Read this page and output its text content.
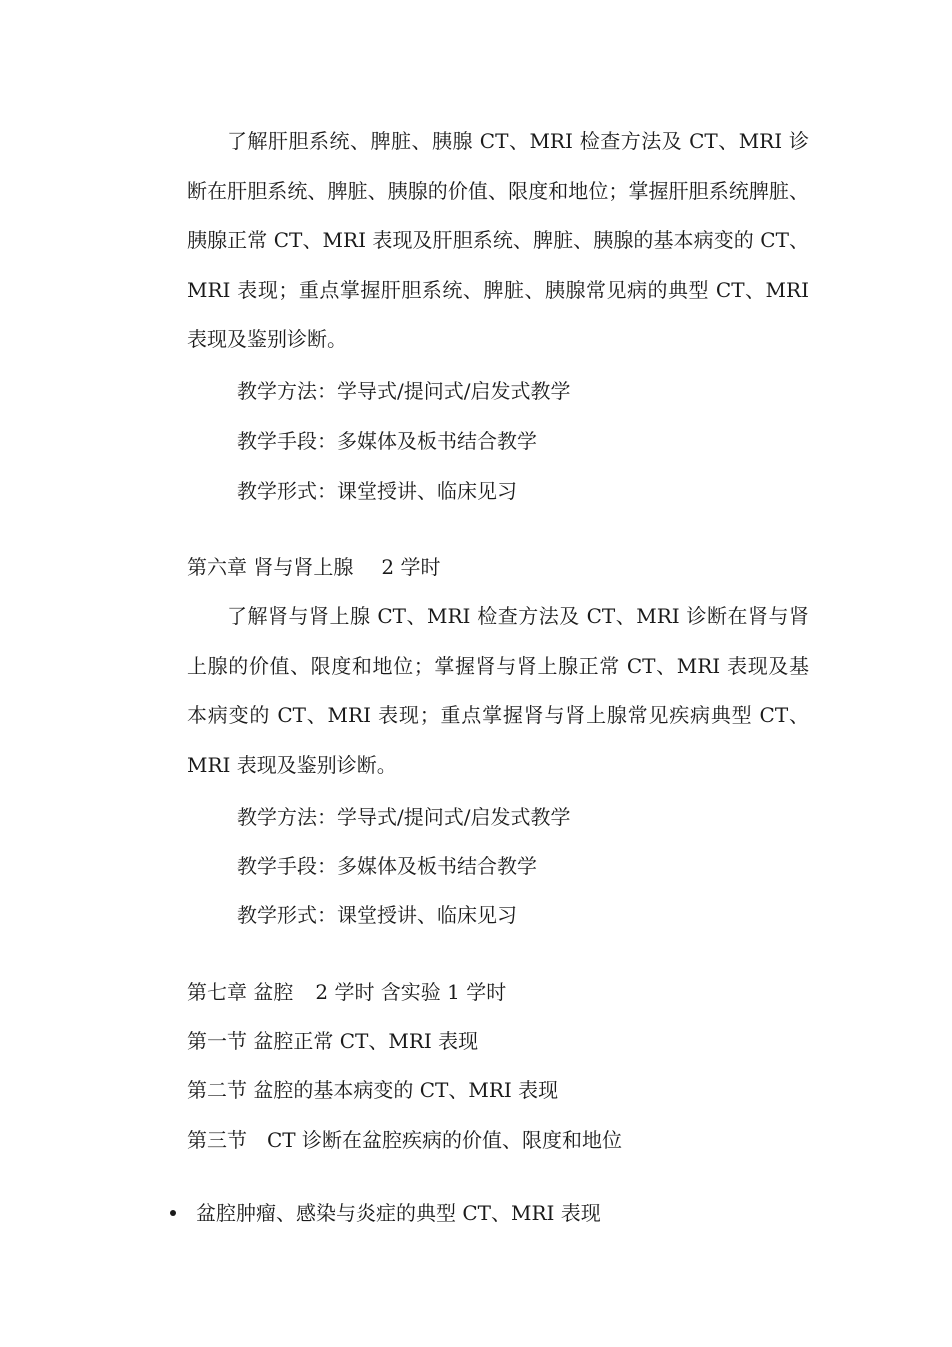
了解肝胆系统、脾脏、胰腺 CT、MRI 检查方法及 CT、MRI 诊断在肝胆系统、脾脏、胰腺的价值、限度和地位；掌握肝胆系统脾脏、胰腺正常 CT、MRI 表现及肝胆系统、脾脏、胰腺的基本病变的 CT、MRI 表现；重点掌握肝胆系统、脾脏、胰腺常见病的典型 CT、MRI 表现及鉴别诊断。

教学方法：学导式/提问式/启发式教学

教学手段：多媒体及板书结合教学

教学形式：课堂授讲、临床见习

第六章 肾与肾上腺 2 学时

了解肾与肾上腺 CT、MRI 检查方法及 CT、MRI 诊断在肾与肾上腺的价值、限度和地位；掌握肾与肾上腺正常 CT、MRI 表现及基本病变的 CT、MRI 表现；重点掌握肾与肾上腺常见疾病典型 CT、MRI 表现及鉴别诊断。

教学方法：学导式/提问式/启发式教学

教学手段：多媒体及板书结合教学

教学形式：课堂授讲、临床见习

第七章 盆腔 2 学时 含实验 1 学时

第一节 盆腔正常 CT、MRI 表现

第二节 盆腔的基本病变的 CT、MRI 表现

第三节　CT 诊断在盆腔疾病的价值、限度和地位

盆腔肿瘤、感染与炎症的典型 CT、MRI 表现
